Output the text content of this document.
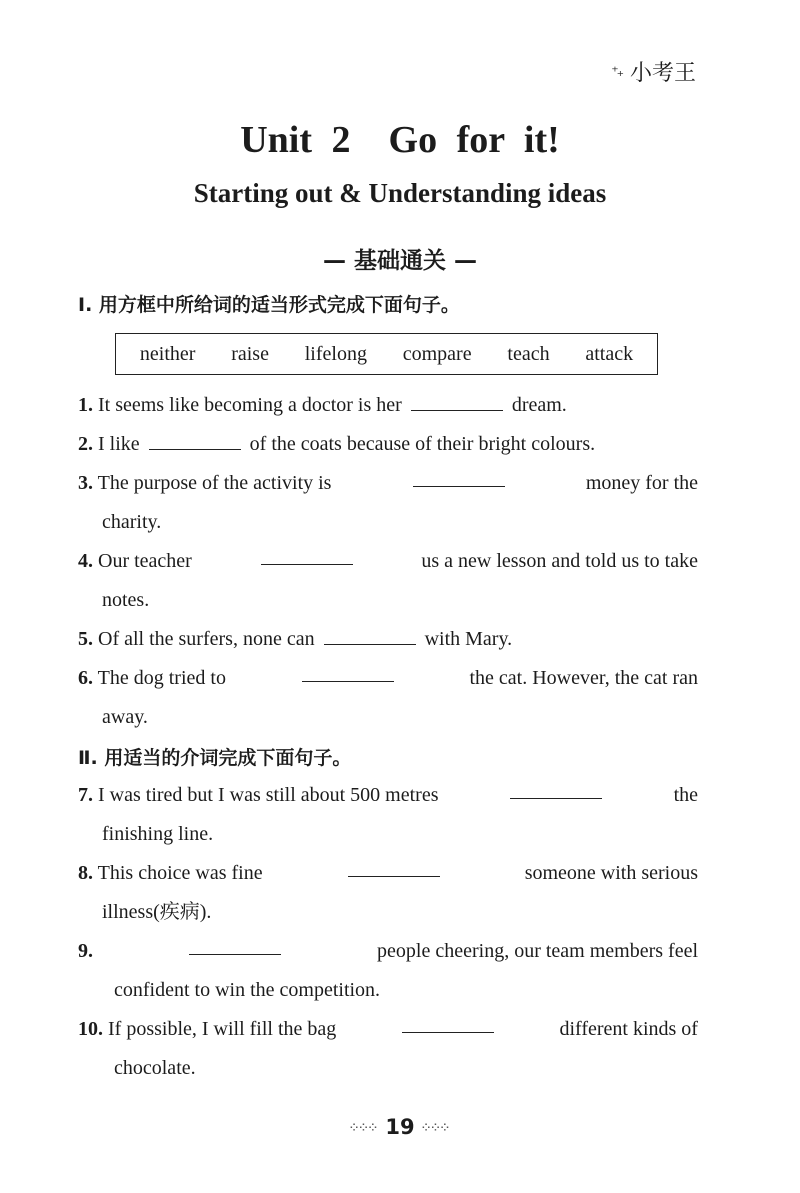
⁺₊ 小考王
Unit 2　Go for it!
Starting out & Understanding ideas
— 基础通关 —
Ⅰ. 用方框中所给词的适当形式完成下面句子。
neither raise lifelong compare teach attack
1. It seems like becoming a doctor is her	dream.
2. I like	of the coats because of their bright colours.
3. The purpose of the activity is	money for the
charity.
4. Our teacher	us a new lesson and told us to take
notes.
5. Of all the surfers, none can	with Mary.
6. The dog tried to	the cat. However, the cat ran
away.
Ⅱ. 用适当的介词完成下面句子。
7. I was tired but I was still about 500 metres	the
finishing line.
8. This choice was fine	someone with serious
illness(疾病).
9.	people cheering, our team members feel
confident to win the competition.
10. If possible, I will fill the bag	different kinds of
chocolate.
⁘⁘⁘ 19 ⁘⁘⁘
